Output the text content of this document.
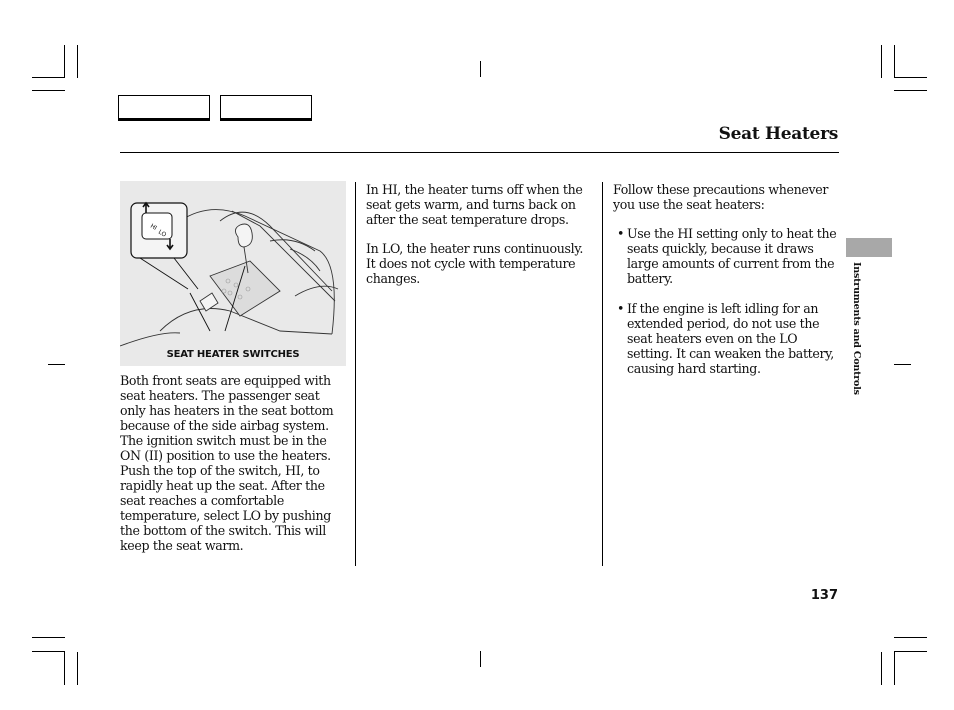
Seat Heaters
HI
LO
SEAT HEATER SWITCHES

Both front seats are equipped with seat heaters. The passenger seat only has heaters in the seat bottom because of the side airbag system. The ignition switch must be in the ON (II) position to use the heaters. Push the top of the switch, HI, to rapidly heat up the seat. After the seat reaches a comfortable temperature, select LO by pushing the bottom of the switch. This will keep the seat warm.

In HI, the heater turns off when the seat gets warm, and turns back on after the seat temperature drops.

In LO, the heater runs continuously. It does not cycle with temperature changes.

Follow these precautions whenever you use the seat heaters:

• Use the HI setting only to heat the seats quickly, because it draws large amounts of current from the battery.
• If the engine is left idling for an extended period, do not use the seat heaters even on the LO setting. It can weaken the battery, causing hard starting.	Instruments and Controls
137
